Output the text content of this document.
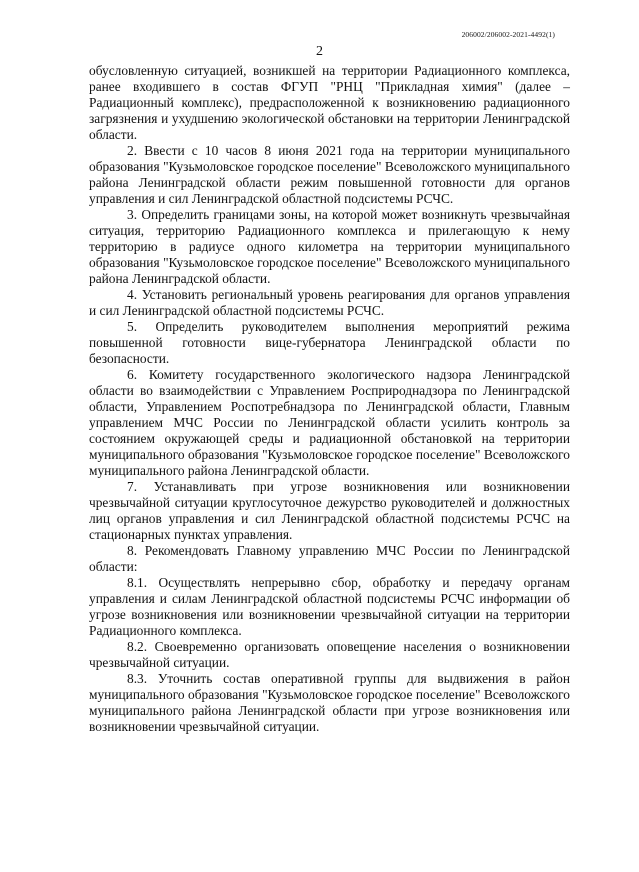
206002/206002-2021-4492(1)
2

обусловленную ситуацией, возникшей на территории Радиационного комплекса, ранее входившего в состав ФГУП "РНЦ "Прикладная химия" (далее – Радиационный комплекс), предрасположенной к возникновению радиационного загрязнения и ухудшению экологической обстановки на территории Ленинградской области.

2. Ввести с 10 часов 8 июня 2021 года на территории муниципального образования "Кузьмоловское городское поселение" Всеволожского муниципального района Ленинградской области режим повышенной готовности для органов управления и сил Ленинградской областной подсистемы РСЧС.

3. Определить границами зоны, на которой может возникнуть чрезвычайная ситуация, территорию Радиационного комплекса и прилегающую к нему территорию в радиусе одного километра на территории муниципального образования "Кузьмоловское городское поселение" Всеволожского муниципального района Ленинградской области.

4. Установить региональный уровень реагирования для органов управления и сил Ленинградской областной подсистемы РСЧС.

5. Определить руководителем выполнения мероприятий режима повышенной готовности вице-губернатора Ленинградской области по безопасности.

6. Комитету государственного экологического надзора Ленинградской области во взаимодействии с Управлением Росприроднадзора по Ленинградской области, Управлением Роспотребнадзора по Ленинградской области, Главным управлением МЧС России по Ленинградской области усилить контроль за состоянием окружающей среды и радиационной обстановкой на территории муниципального образования "Кузьмоловское городское поселение" Всеволожского муниципального района Ленинградской области.

7. Устанавливать при угрозе возникновения или возникновении чрезвычайной ситуации круглосуточное дежурство руководителей и должностных лиц органов управления и сил Ленинградской областной подсистемы РСЧС на стационарных пунктах управления.

8. Рекомендовать Главному управлению МЧС России по Ленинградской области:

8.1. Осуществлять непрерывно сбор, обработку и передачу органам управления и силам Ленинградской областной подсистемы РСЧС информации об угрозе возникновения или возникновении чрезвычайной ситуации на территории Радиационного комплекса.

8.2. Своевременно организовать оповещение населения о возникновении чрезвычайной ситуации.

8.3. Уточнить состав оперативной группы для выдвижения в район муниципального образования "Кузьмоловское городское поселение" Всеволожского муниципального района Ленинградской области при угрозе возникновения или возникновении чрезвычайной ситуации.
